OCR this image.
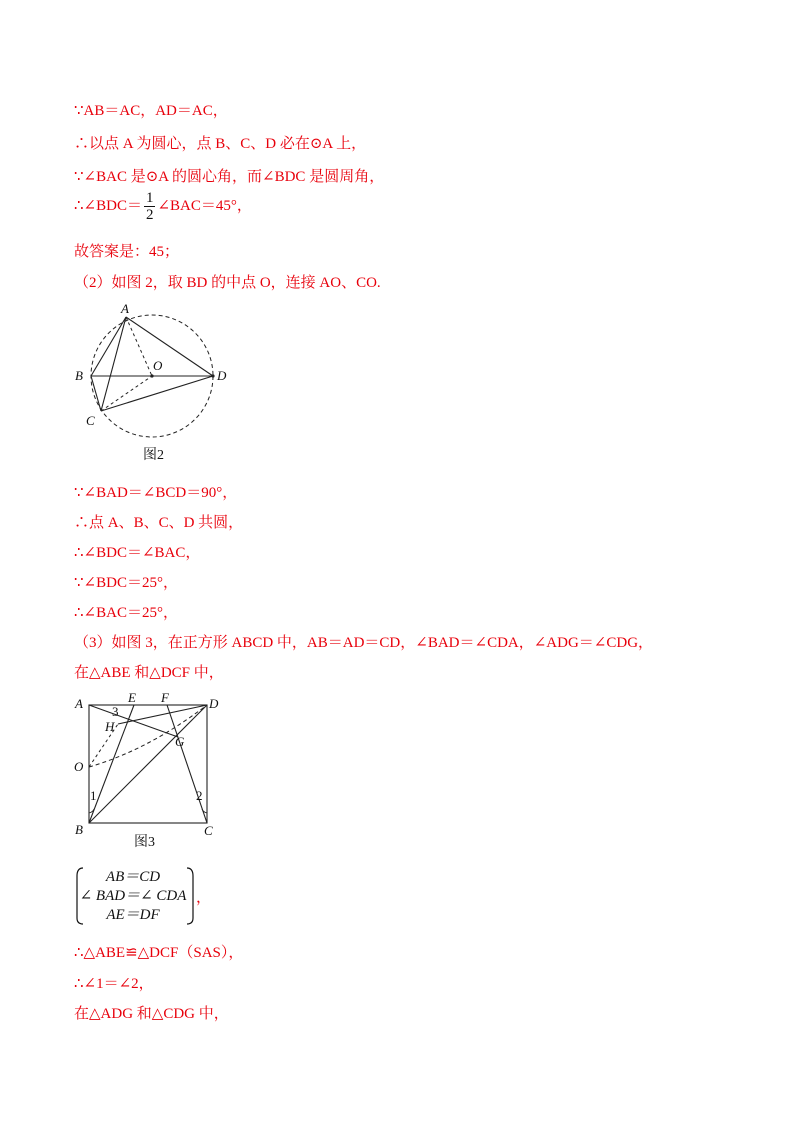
∵AB＝AC，AD＝AC，
∴以点 A 为圆心，点 B、C、D 必在⊙A 上，
∵∠BAC 是⊙A 的圆心角，而∠BDC 是圆周角，
∴∠BDC＝ $\frac{1}{2}$ ∠BAC＝45°，
故答案是：45；
（2）如图 2，取 BD 的中点 O，连接 AO、CO.
A
B
C
D
O
图2
∵∠BAD＝∠BCD＝90°，
∴点 A、B、C、D 共圆，
∴∠BDC＝∠BAC，
∵∠BDC＝25°，
∴∠BAC＝25°，
（3）如图 3，在正方形 ABCD 中，AB＝AD＝CD，∠BAD＝∠CDA，∠ADG＝∠CDG，
在△ABE 和△DCF 中，
A	E F	D
H
G
O
B	C
1	2
3
图3
AB＝CD
∠ BAD＝∠ CDA
AE＝DF
，
∴△ABE≌△DCF（SAS），
∴∠1＝∠2，
在△ADG 和△CDG 中，
